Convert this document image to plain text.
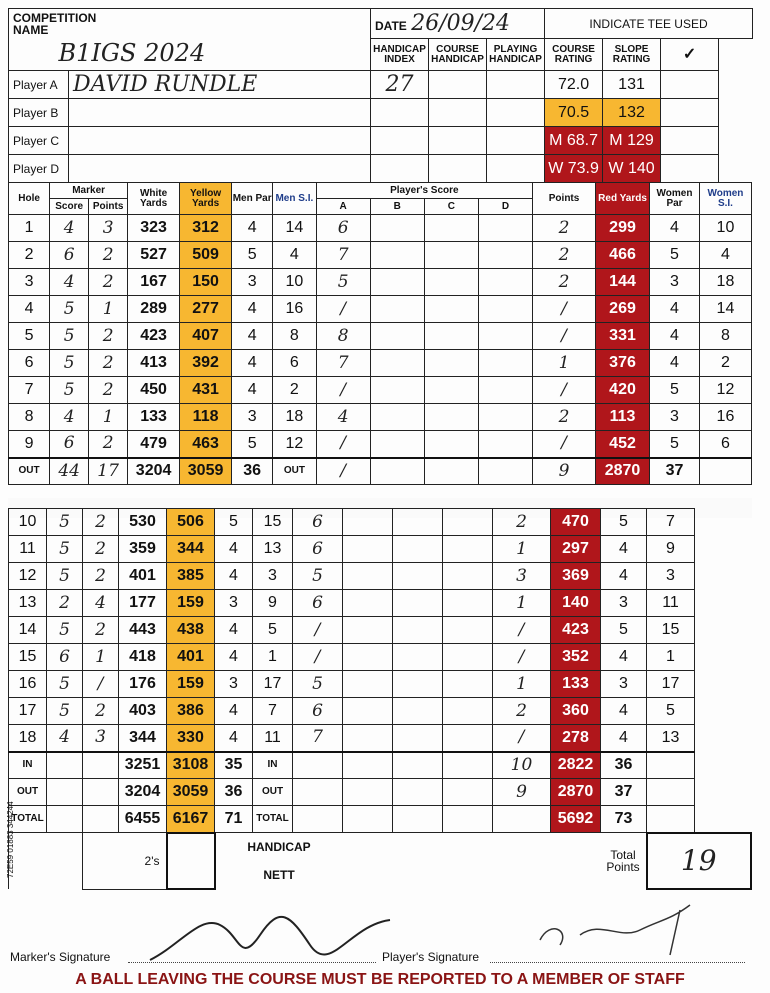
COMPETITION NAME
B1IGS 2024		DATE 26/09/24			INDICATE TEE USED		
		HANDICAP INDEX	COURSE HANDICAP	PLAYING HANDICAP	COURSE RATING	SLOPE RATING	✓
Player A	DAVID RUNDLE	27			72.0	131	
Player B					70.5	132	
Player C					M 68.7	M 129	
Player D					W 73.9	W 140	
Hole	Marker		White Yards	Yellow Yards	Men Par	Men S.I.	Player's Score				Points	Red Yards	Women Par	Women S.I.
	Score	Points					A	B	C	D				
1	4	3	323	312	4	14	6				2	299	4	10
2	6	2	527	509	5	4	7				2	466	5	4
3	4	2	167	150	3	10	5				2	144	3	18
4	5	1	289	277	4	16	/				/	269	4	14
5	5	2	423	407	4	8	8				/	331	4	8
6	5	2	413	392	4	6	7				1	376	4	2
7	5	2	450	431	4	2	/				/	420	5	12
8	4	1	133	118	3	18	4				2	113	3	16
9	6	2	479	463	5	12	/				/	452	5	6
OUT	44	17	3204	3059	36	OUT	/				9	2870	37	
10	5	2	530	506	5	15	6				2	470	5	7
11	5	2	359	344	4	13	6				1	297	4	9
12	5	2	401	385	4	3	5				3	369	4	3
13	2	4	177	159	3	9	6				1	140	3	11
14	5	2	443	438	4	5	/				/	423	5	15
15	6	1	418	401	4	1	/				/	352	4	1
16	5	/	176	159	3	17	5				1	133	3	17
17	5	2	403	386	4	7	6				2	360	4	5
18	4	3	344	330	4	11	7				/	278	4	13
IN			3251	3108	35	IN					10	2822	36	
OUT			3204	3059	36	OUT					9	2870	37	
TOTAL			6455	6167	71	TOTAL						5692	73	
		2's			HANDICAP
NETT								Total Points	19
72E59 01883 344244
Marker's Signature	Player's Signature
A BALL LEAVING THE COURSE MUST BE REPORTED TO A MEMBER OF STAFF
